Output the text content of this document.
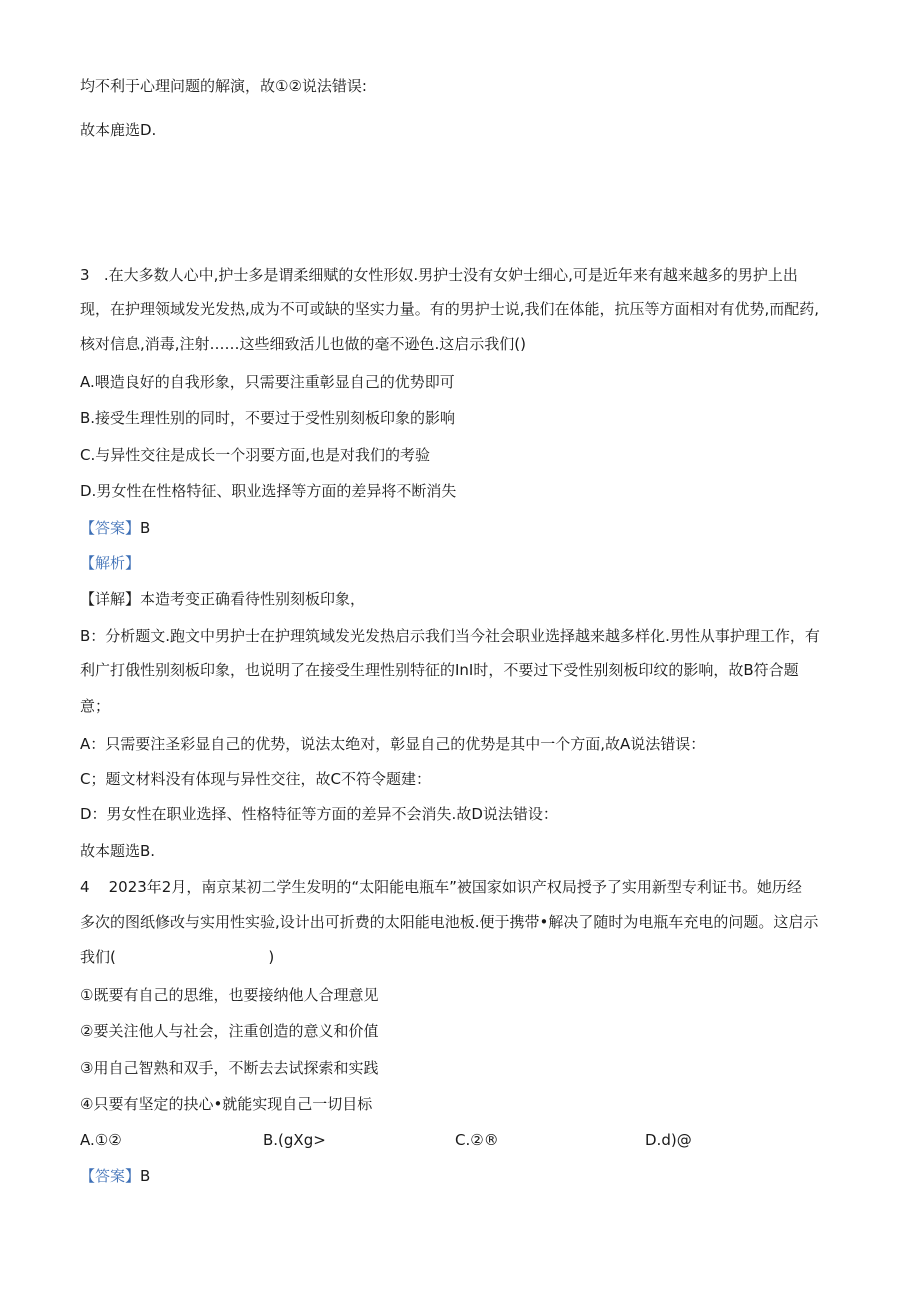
均不利于心理问题的解演，故①②说法错误:
故本鹿选D.
3   .在大多数人心中,护士多是谓柔细赋的女性形奴.男护士没有女妒士细心,可是近年来有越来越多的男护上出
现，在护理领域发光发热,成为不可或缺的坚实力量。有的男护士说,我们在体能，抗压等方面相对有优势,而配药,
核对信息,消毒,注射……这些细致活儿也做的毫不逊色.这启示我们()
A.喂造良好的自我形象，只需要注重彰显自己的优势即可
B.接受生理性别的同时，不要过于受性别刻板印象的影响
C.与异性交往是成长一个羽要方面,也是对我们的考验
D.男女性在性格特征、职业选择等方面的差异将不断消失
【答案】B
【解析】
【详解】本造考变正确看待性别刻板印象，
B：分析题文.跑文中男护士在护理筑域发光发热启示我们当今社会职业选择越来越多样化.男性从事护理工作，有
利广打俄性别刻板印象，也说明了在接受生理性别特征的InI时，不要过下受性别刻板印纹的影响，故B符合题
意；
A：只需要注圣彩显自己的优势，说法太绝对，彰显自己的优势是其中一个方面,故A说法错误：
C；题文材料没有体现与异性交往，故C不符令题建：
D：男女性在职业选择、性格特征等方面的差异不会消失.故D说法错设：
故本题选B.
4    2023年2月，南京某初二学生发明的“太阳能电瓶车”被国家如识产权局授予了实用新型专利证书。她历经
多次的图纸修改与实用性实验,设计出可折费的太阳能电池板.便于携带•解决了随时为电瓶车充电的问题。这启示
我们(                                )
①既要有自己的思维，也要接纳他人合理意见
②要关注他人与社会，注重创造的意义和价值
③用自己智熟和双手，不断去去试探索和实践
④只要有坚定的抉心•就能实现自己一切目标
A.①②	B.(gXg>	C.②®	D.d)@
【答案】B
